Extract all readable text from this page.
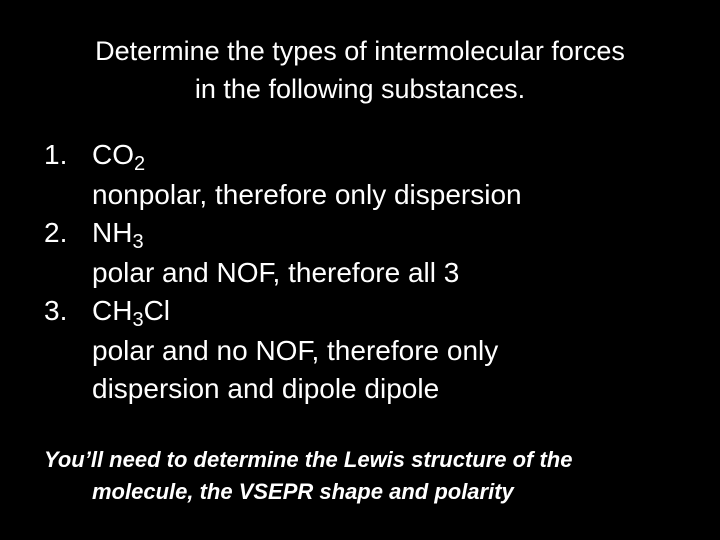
Determine the types of intermolecular forces
in the following substances.
1. $CO_2$
nonpolar, therefore only dispersion
2. $NH_3$
polar and NOF, therefore all 3
3. $CH_3Cl$
polar and no NOF, therefore only
dispersion and dipole dipole
You’ll need to determine the Lewis structure of the
molecule, the VSEPR shape and polarity
